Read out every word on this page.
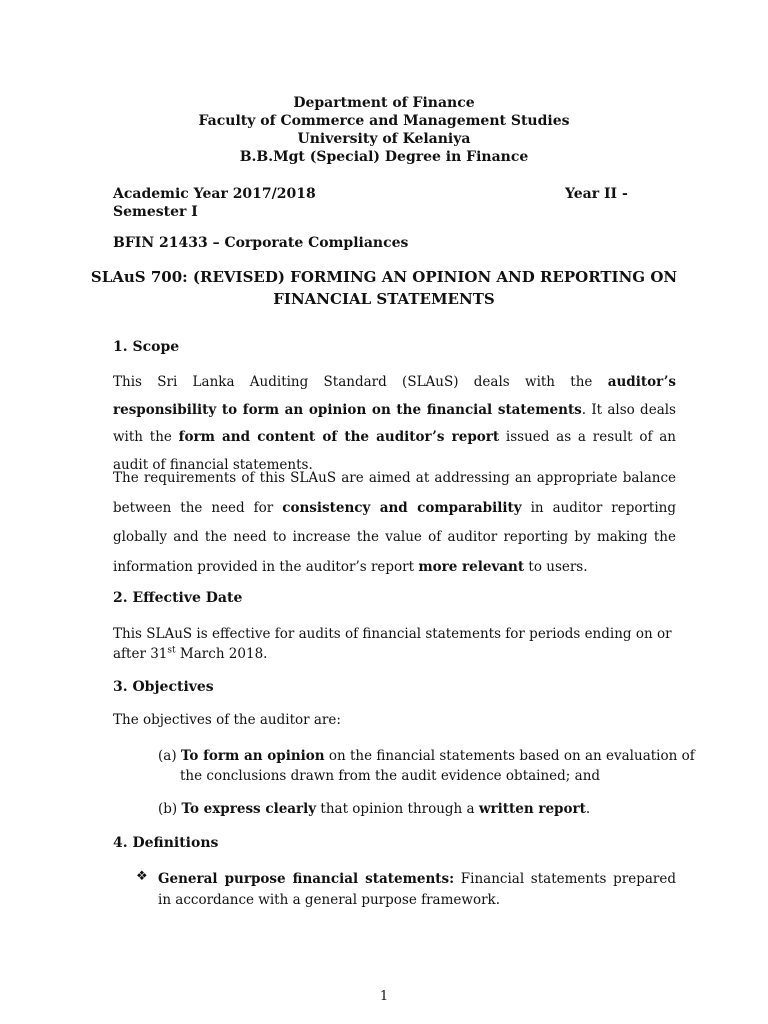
Department of Finance
Faculty of Commerce and Management Studies
University of Kelaniya
B.B.Mgt (Special) Degree in Finance
Academic Year 2017/2018	Year II -
Semester I
BFIN 21433 – Corporate Compliances
SLAuS 700: (REVISED) FORMING AN OPINION AND REPORTING ON
FINANCIAL STATEMENTS
1. Scope
This Sri Lanka Auditing Standard (SLAuS) deals with the auditor’s responsibility to form an opinion on the financial statements. It also deals with the form and content of the auditor’s report issued as a result of an audit of financial statements.
The requirements of this SLAuS are aimed at addressing an appropriate balance between the need for consistency and comparability in auditor reporting globally and the need to increase the value of auditor reporting by making the information provided in the auditor’s report more relevant to users.
2. Effective Date
This SLAuS is effective for audits of financial statements for periods ending on or after 31st March 2018.
3. Objectives
The objectives of the auditor are:
(a) To form an opinion on the financial statements based on an evaluation of
the conclusions drawn from the audit evidence obtained; and
(b) To express clearly that opinion through a written report.
4. Definitions
❖ General purpose financial statements: Financial statements prepared in accordance with a general purpose framework.
1
